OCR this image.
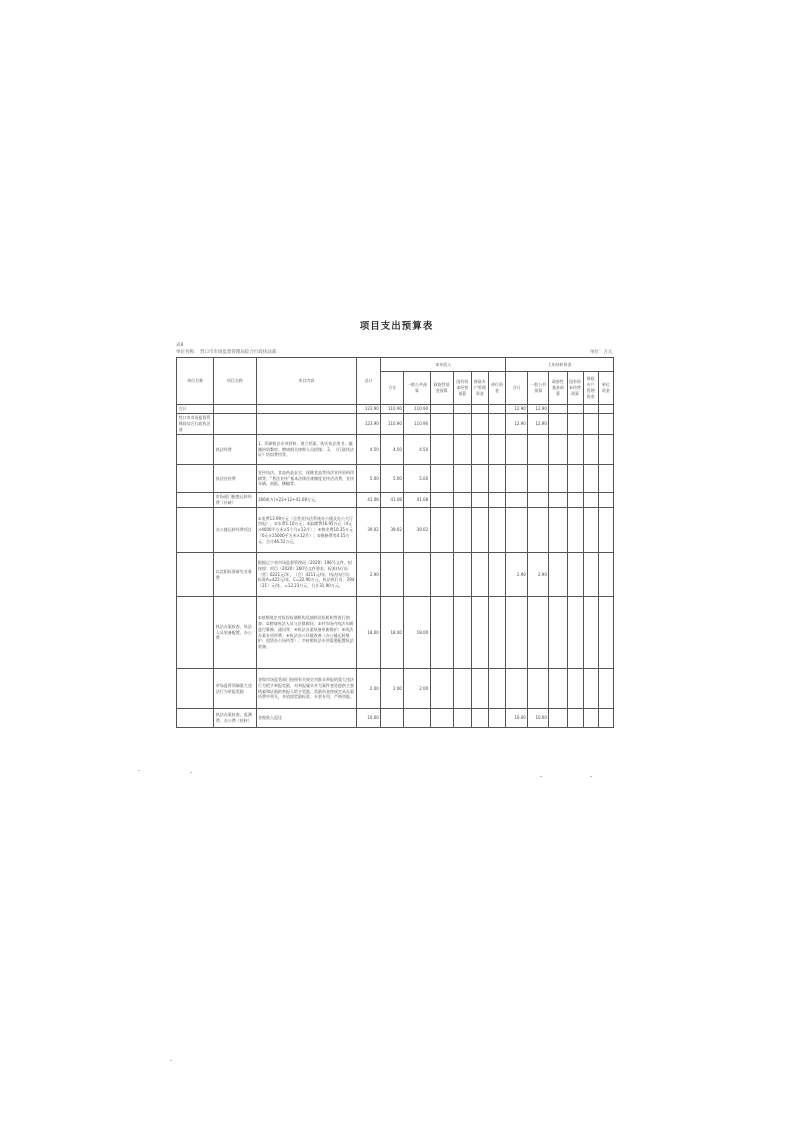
项目支出预算表
表8
单位名称： 营口市市场监督管理局综合行政执法部	单位：万元
单位名称	项目名称	项目内容	总计	本年收入						上年结转资金					
				合计	一般公共预算	政府性基金预算	国有资本经营预算	财政专户管理资金	单位资金	合计	一般公共预算	政府性基金预算	国有资本经营预算	财政专户管理资金	单位资金
合计			123.90	110.90	110.90					12.90	12.90				
营口市市场监督管理局综合行政执法部			123.90	110.90	110.90					12.90	12.90				
	执法经费	1、印刷执法专项材料、建立档案、购买执法用书、编制培训教材、聘请相关律师人员授课； 2、《行政执法证》培训费用等。	4.50	4.50	4.50										
	执法宣传费	宣传执法、食品药品安全、保健食品等执法宣传资料印刷等，“普法宣传”基本法律法规制度宣传活动费，宣传车辆、展板、横幅等。	5.00	5.00	5.00										
	市场部门配套运转经费（补缺）	1664(万)×22+12+41.08万元。	41.08	41.08	41.08										
	办公楼运转经费项目	①电费13.99万元（含营业执法系统办公楼及办公大厅用电）；②水费1.10万元；③取暖费16.95万元（4元×4000平方米×5个月×12月）；④物业费10.35万元（6元×15000平方米×12月）；⑤维修费等4.15万元；合计46.52万元。	39.02	39.02	39.02										
	以沈阳标准研究业务费	根据辽宁省市场监督管理局（2020）196号文件，拟按照：项目（2020）260号文件要求，标准执行局（营）6221元/年，（合）4211元/年，执法执行员：标准A=422元/年，C=22.90万元，执法执行员：294（21）元/年，=12.23万元，合计31.90万元。	2.90							2.90	2.90				
	执法办案检查、执法人员装备配置、办公费	①按照规定对检验检测机构及抽样送检机构等进行抽查；②聘请执法人员与法律顾问；③对市场内执法车辆进行维修、通讯等；④执法办案装备更新维护；⑤执法办案专项经费；⑥执法办公环境改善（办公楼运转维护、租赁办公场所等）；⑦按照执法专项需要配置执法装备。	18.00	18.00	18.00										
	市场监管领域重大违法行为举报奖励	各级市场监管部门按照有关规定对群众举报的重大违法行为给予举报奖励，对举报属实并为案件查处提供主要线索和证据的举报人给予奖励，奖励资金按规定从办案经费中列支，并依照奖励标准，专款专用，严格审批。	2.00	2.00	2.00										
	执法办案检查、监测费、办公费（结转）	非税收入返还	10.00							10.00	10.00				
